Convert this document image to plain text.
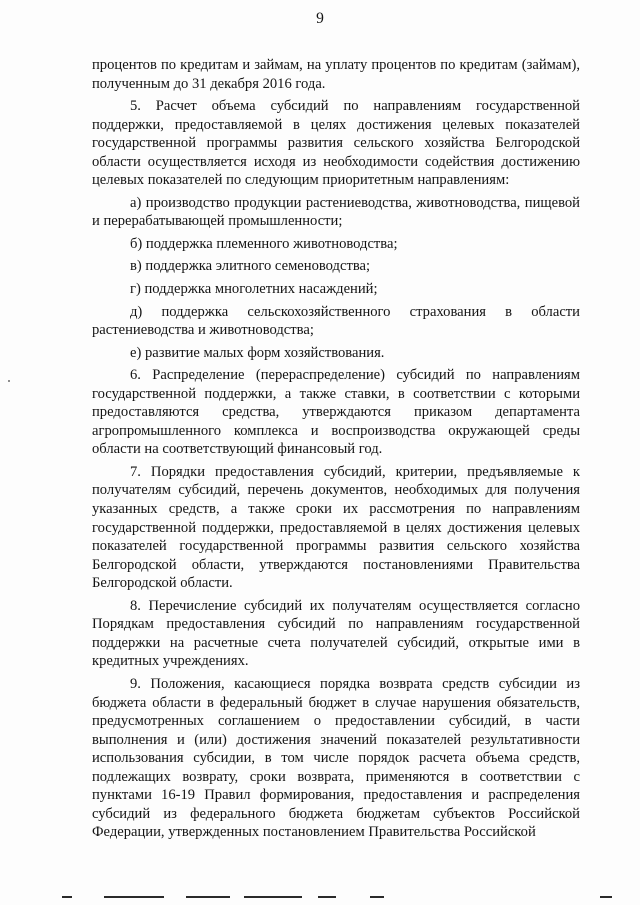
9

процентов по кредитам и займам, на уплату процентов по кредитам (займам), полученным до 31 декабря 2016 года.

5. Расчет объема субсидий по направлениям государственной поддержки, предоставляемой в целях достижения целевых показателей государственной программы развития сельского хозяйства Белгородской области осуществляется исходя из необходимости содействия достижению целевых показателей по следующим приоритетным направлениям:

а) производство продукции растениеводства, животноводства, пищевой и перерабатывающей промышленности;

б) поддержка племенного животноводства;

в) поддержка элитного семеноводства;

г) поддержка многолетних насаждений;

д) поддержка сельскохозяйственного страхования в области растениеводства и животноводства;

е) развитие малых форм хозяйствования.

6. Распределение (перераспределение) субсидий по направлениям государственной поддержки, а также ставки, в соответствии с которыми предоставляются средства, утверждаются приказом департамента агропромышленного комплекса и воспроизводства окружающей среды области на соответствующий финансовый год.

7. Порядки предоставления субсидий, критерии, предъявляемые к получателям субсидий, перечень документов, необходимых для получения указанных средств, а также сроки их рассмотрения по направлениям государственной поддержки, предоставляемой в целях достижения целевых показателей государственной программы развития сельского хозяйства Белгородской области, утверждаются постановлениями Правительства Белгородской области.

8. Перечисление субсидий их получателям осуществляется согласно Порядкам предоставления субсидий по направлениям государственной поддержки на расчетные счета получателей субсидий, открытые ими в кредитных учреждениях.

9. Положения, касающиеся порядка возврата средств субсидии из бюджета области в федеральный бюджет в случае нарушения обязательств, предусмотренных соглашением о предоставлении субсидий, в части выполнения и (или) достижения значений показателей результативности использования субсидии, в том числе порядок расчета объема средств, подлежащих возврату, сроки возврата, применяются в соответствии с пунктами 16-19 Правил формирования, предоставления и распределения субсидий из федерального бюджета бюджетам субъектов Российской Федерации, утвержденных постановлением Правительства Российской
